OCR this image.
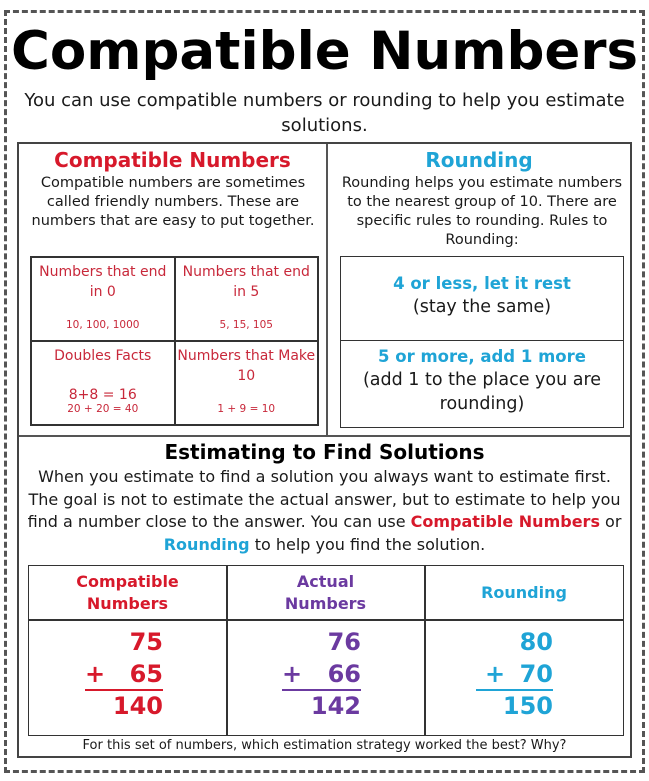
Compatible Numbers
You can use compatible numbers or rounding to help you estimate solutions.
Compatible Numbers
Compatible numbers are sometimes called friendly numbers. These are numbers that are easy to put together.
Numbers that end in 0
10, 100, 1000
Numbers that end in 5
5, 15, 105
Doubles Facts
8+8 = 16
20 + 20 = 40
Numbers that Make 10
1 + 9 = 10
Rounding
Rounding helps you estimate numbers to the nearest group of 10. There are specific rules to rounding. Rules to Rounding:
4 or less, let it rest
(stay the same)
5 or more, add 1 more
(add 1 to the place you are rounding)
Estimating to Find Solutions
When you estimate to find a solution you always want to estimate first. The goal is not to estimate the actual answer, but to estimate to help you find a number close to the answer. You can use Compatible Numbers or Rounding to help you find the solution.
Compatible Numbers
75
+ 65
140
Actual Numbers
76
+ 66
142
Rounding
80
+ 70
150
For this set of numbers, which estimation strategy worked the best? Why?
